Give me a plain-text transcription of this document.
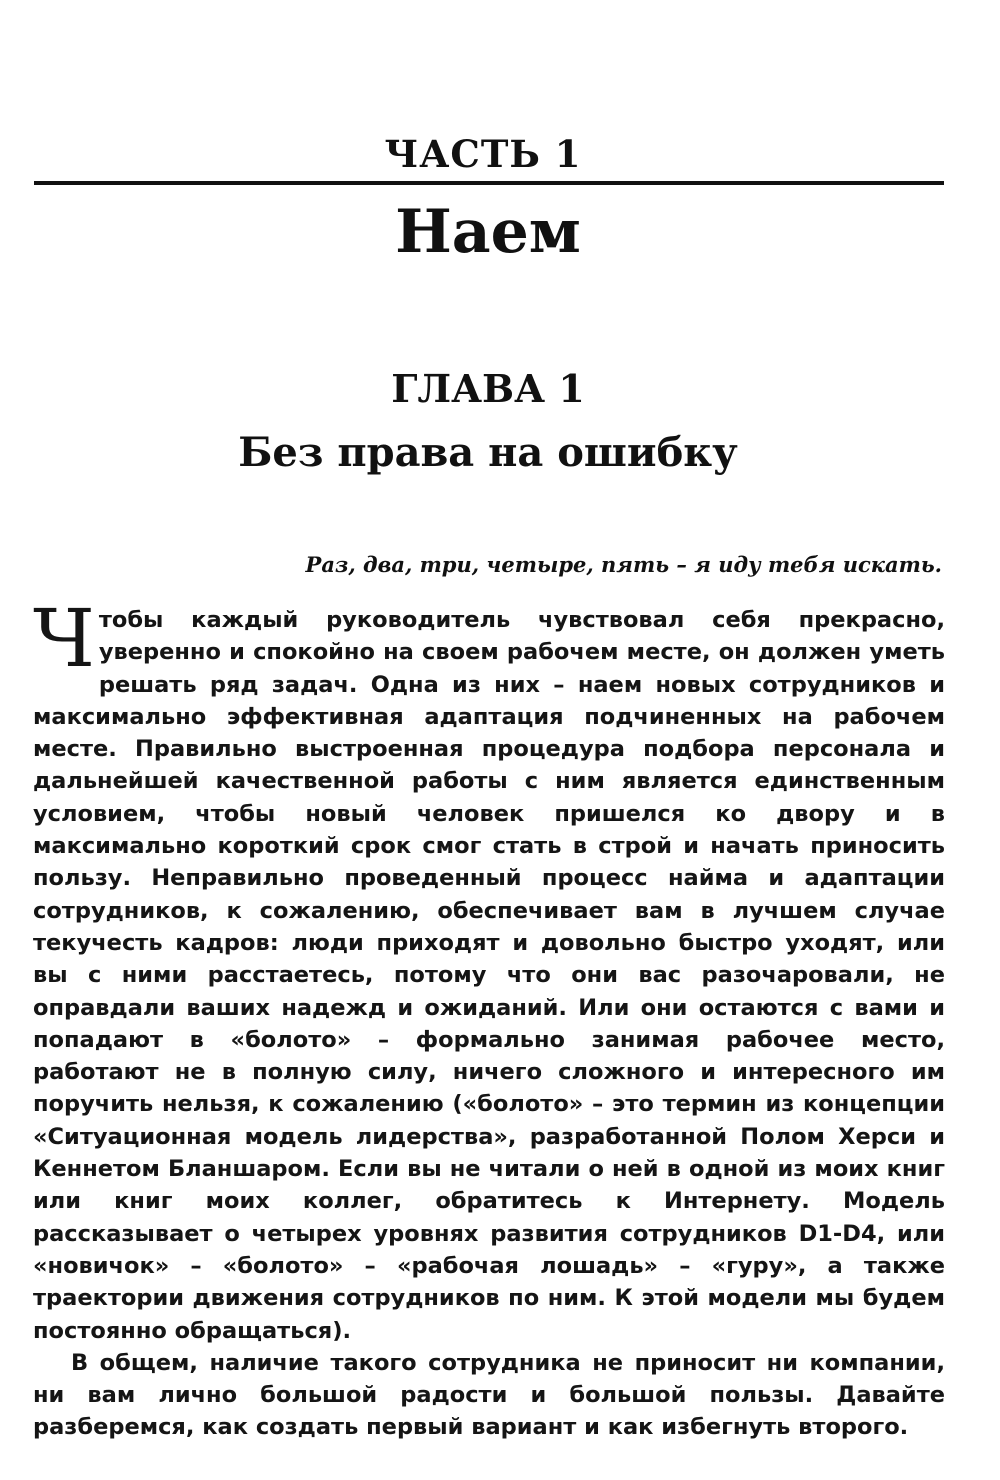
ЧАСТЬ 1
Наем
ГЛАВА 1
Без права на ошибку
Раз, два, три, четыре, пять – я иду тебя искать.

Чтобы каждый руководитель чувствовал себя прекрасно, уверенно и спокойно на своем рабочем месте, он должен уметь решать ряд задач. Одна из них – наем новых сотрудников и максимально эффективная адаптация подчиненных на рабочем месте. Правильно выстроенная процедура подбора персонала и дальнейшей качественной работы с ним является единственным условием, чтобы новый человек пришелся ко двору и в максимально короткий срок смог стать в строй и начать приносить пользу. Неправильно проведенный процесс найма и адаптации сотрудников, к сожалению, обеспечивает вам в лучшем случае текучесть кадров: люди приходят и довольно быстро уходят, или вы с ними расстаетесь, потому что они вас разочаровали, не оправдали ваших надежд и ожиданий. Или они остаются с вами и попадают в «болото» – формально занимая рабочее место, работают не в полную силу, ничего сложного и интересного им поручить нельзя, к сожалению («болото» – это термин из концепции «Ситуационная модель лидерства», разработанной Полом Херси и Кеннетом Бланшаром. Если вы не читали о ней в одной из моих книг или книг моих коллег, обратитесь к Интернету. Модель рассказывает о четырех уровнях развития сотрудников D1-D4, или «новичок» – «болото» – «рабочая лошадь» – «гуру», а также траектории движения сотрудников по ним. К этой модели мы будем постоянно обращаться).

В общем, наличие такого сотрудника не приносит ни компании, ни вам лично большой радости и большой пользы. Давайте разберемся, как создать первый вариант и как избегнуть второго.
